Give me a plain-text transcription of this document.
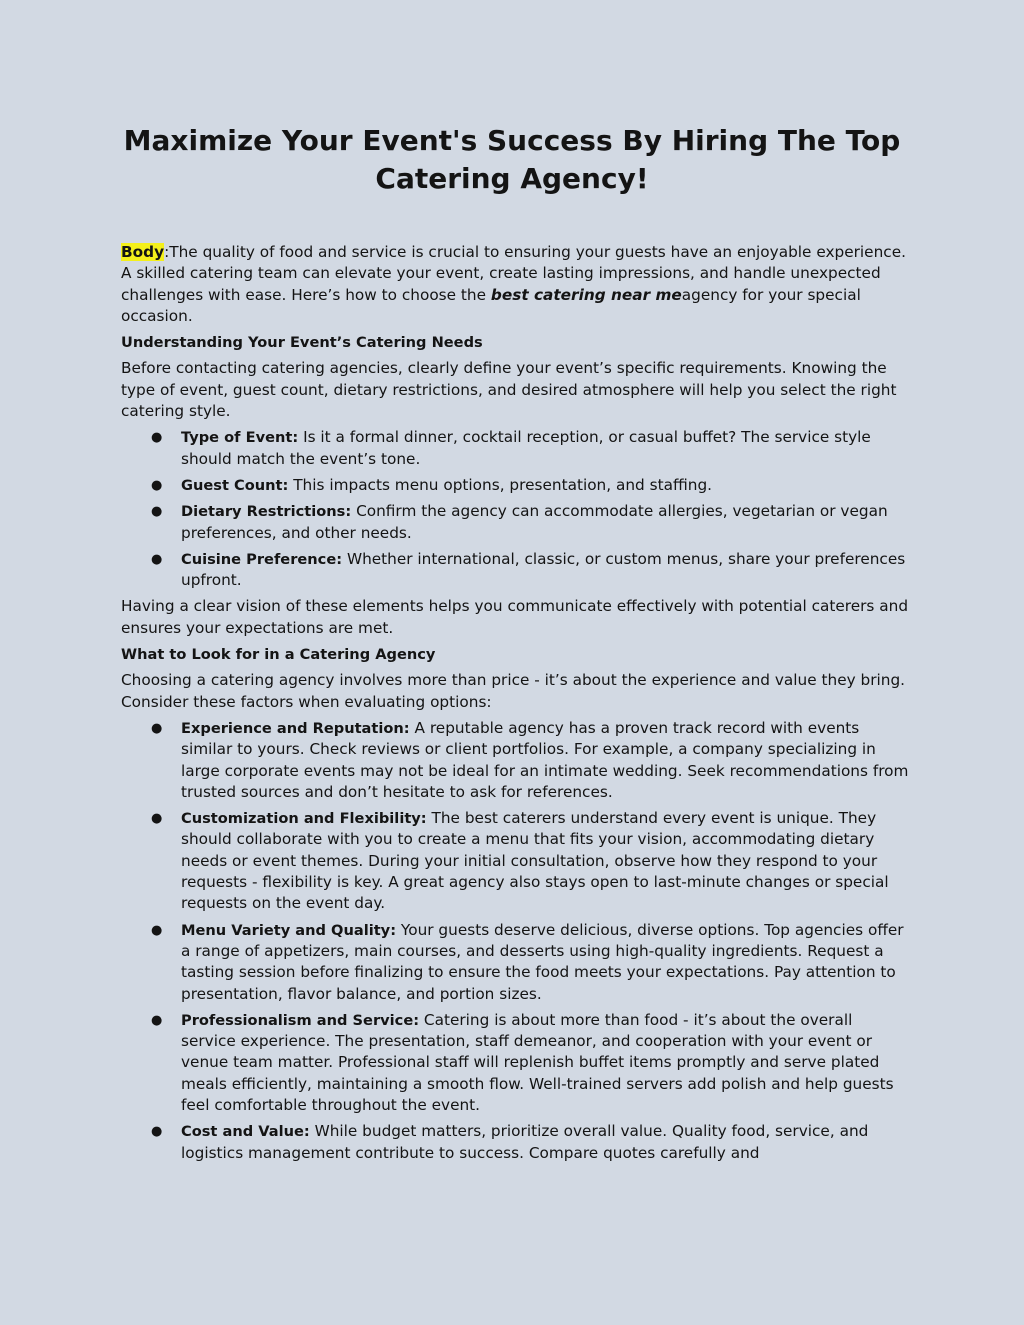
Maximize Your Event's Success By Hiring The Top
Catering Agency!

Body:The quality of food and service is crucial to ensuring your guests have an enjoyable experience. A skilled catering team can elevate your event, create lasting impressions, and handle unexpected challenges with ease. Here’s how to choose the best catering near meagency for your special occasion.

Understanding Your Event’s Catering Needs

Before contacting catering agencies, clearly define your event’s specific requirements. Knowing the type of event, guest count, dietary restrictions, and desired atmosphere will help you select the right catering style.

● Type of Event: Is it a formal dinner, cocktail reception, or casual buffet? The service style should match the event’s tone.
● Guest Count: This impacts menu options, presentation, and staffing.
● Dietary Restrictions: Confirm the agency can accommodate allergies, vegetarian or vegan preferences, and other needs.
● Cuisine Preference: Whether international, classic, or custom menus, share your preferences upfront.

Having a clear vision of these elements helps you communicate effectively with potential caterers and ensures your expectations are met.

What to Look for in a Catering Agency

Choosing a catering agency involves more than price - it’s about the experience and value they bring. Consider these factors when evaluating options:

● Experience and Reputation: A reputable agency has a proven track record with events similar to yours. Check reviews or client portfolios. For example, a company specializing in large corporate events may not be ideal for an intimate wedding. Seek recommendations from trusted sources and don’t hesitate to ask for references.
● Customization and Flexibility: The best caterers understand every event is unique. They should collaborate with you to create a menu that fits your vision, accommodating dietary needs or event themes. During your initial consultation, observe how they respond to your requests - flexibility is key. A great agency also stays open to last-minute changes or special requests on the event day.
● Menu Variety and Quality: Your guests deserve delicious, diverse options. Top agencies offer a range of appetizers, main courses, and desserts using high-quality ingredients. Request a tasting session before finalizing to ensure the food meets your expectations. Pay attention to presentation, flavor balance, and portion sizes.
● Professionalism and Service: Catering is about more than food - it’s about the overall service experience. The presentation, staff demeanor, and cooperation with your event or venue team matter. Professional staff will replenish buffet items promptly and serve plated meals efficiently, maintaining a smooth flow. Well-trained servers add polish and help guests feel comfortable throughout the event.
● Cost and Value: While budget matters, prioritize overall value. Quality food, service, and logistics management contribute to success. Compare quotes carefully and
